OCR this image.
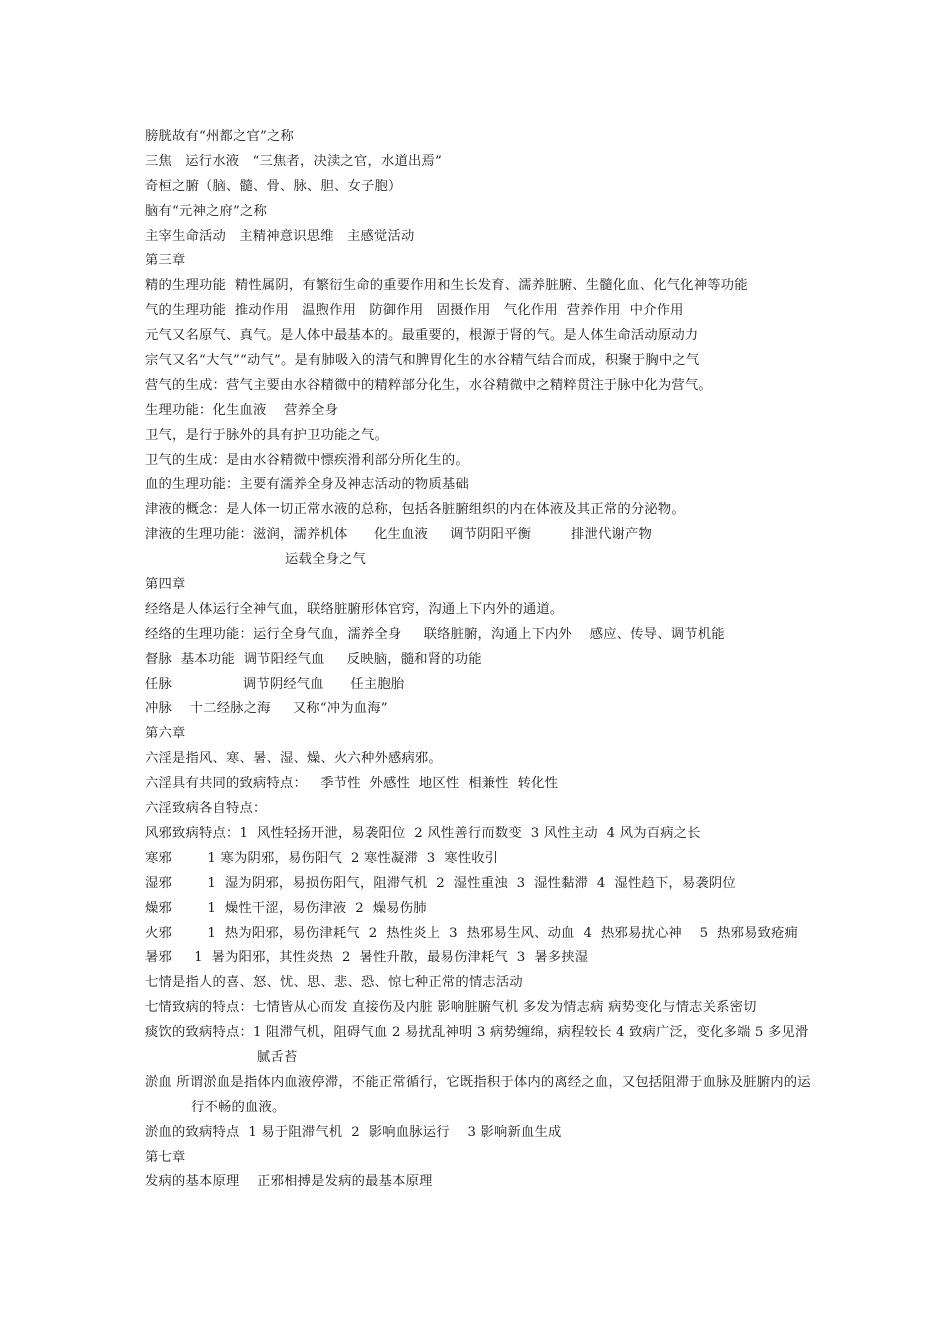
膀胱故有“州都之官”之称
三焦   运行水液   “三焦者，决渎之官，水道出焉”
奇桓之腑（脑、髓、骨、脉、胆、女子胞）
脑有“元神之府”之称
主宰生命活动   主精神意识思维   主感觉活动
第三章
精的生理功能  精性属阴，有繁衍生命的重要作用和生长发育、濡养脏腑、生髓化血、化气化神等功能
气的生理功能  推动作用   温煦作用   防御作用   固摄作用   气化作用  营养作用  中介作用
元气又名原气、真气。是人体中最基本的。最重要的，根源于肾的气。是人体生命活动原动力
宗气又名“大气”“动气”。是有肺吸入的清气和脾胃化生的水谷精气结合而成，积聚于胸中之气
营气的生成：营气主要由水谷精微中的精粹部分化生，水谷精微中之精粹贯注于脉中化为营气。
生理功能：化生血液    营养全身
卫气，是行于脉外的具有护卫功能之气。
卫气的生成：是由水谷精微中慓疾滑利部分所化生的。
血的生理功能：主要有濡养全身及神志活动的物质基础
津液的概念：是人体一切正常水液的总称，包括各脏腑组织的内在体液及其正常的分泌物。
津液的生理功能：滋润，濡养机体      化生血液     调节阴阳平衡         排泄代谢产物
运载全身之气
第四章
经络是人体运行全神气血，联络脏腑形体官窍，沟通上下内外的通道。
经络的生理功能：运行全身气血，濡养全身     联络脏腑，沟通上下内外    感应、传导、调节机能
督脉  基本功能  调节阳经气血     反映脑，髓和肾的功能
任脉                调节阴经气血      任主胞胎
冲脉    十二经脉之海     又称“冲为血海”
第六章
六淫是指风、寒、暑、湿、燥、火六种外感病邪。
六淫具有共同的致病特点：   季节性  外感性  地区性  相兼性  转化性
六淫致病各自特点：
风邪致病特点：1  风性轻扬开泄，易袭阳位  2 风性善行而数变  3 风性主动  4 风为百病之长
寒邪        1 寒为阴邪，易伤阳气  2 寒性凝滞  3  寒性收引
湿邪        1  湿为阴邪，易损伤阳气，阻滞气机  2  湿性重浊  3  湿性黏滞  4  湿性趋下，易袭阴位
燥邪        1  燥性干涩，易伤津液  2  燥易伤肺
火邪        1  热为阳邪，易伤津耗气  2  热性炎上  3  热邪易生风、动血  4  热邪易扰心神    5  热邪易致疮痈
暑邪     1  暑为阳邪，其性炎热  2  暑性升散，最易伤津耗气  3  暑多挟湿
七情是指人的喜、怒、忧、思、悲、恐、惊七种正常的情志活动
七情致病的特点：七情皆从心而发 直接伤及内脏 影响脏腑气机 多发为情志病 病势变化与情志关系密切
痰饮的致病特点：1 阻滞气机，阻碍气血 2 易扰乱神明 3 病势缠绵，病程较长 4 致病广泛，变化多端 5 多见滑腻舌苔
淤血 所谓淤血是指体内血液停滞，不能正常循行，它既指积于体内的离经之血，又包括阻滞于血脉及脏腑内的运行不畅的血液。
淤血的致病特点  1 易于阻滞气机  2  影响血脉运行    3 影响新血生成
第七章
发病的基本原理    正邪相搏是发病的最基本原理
